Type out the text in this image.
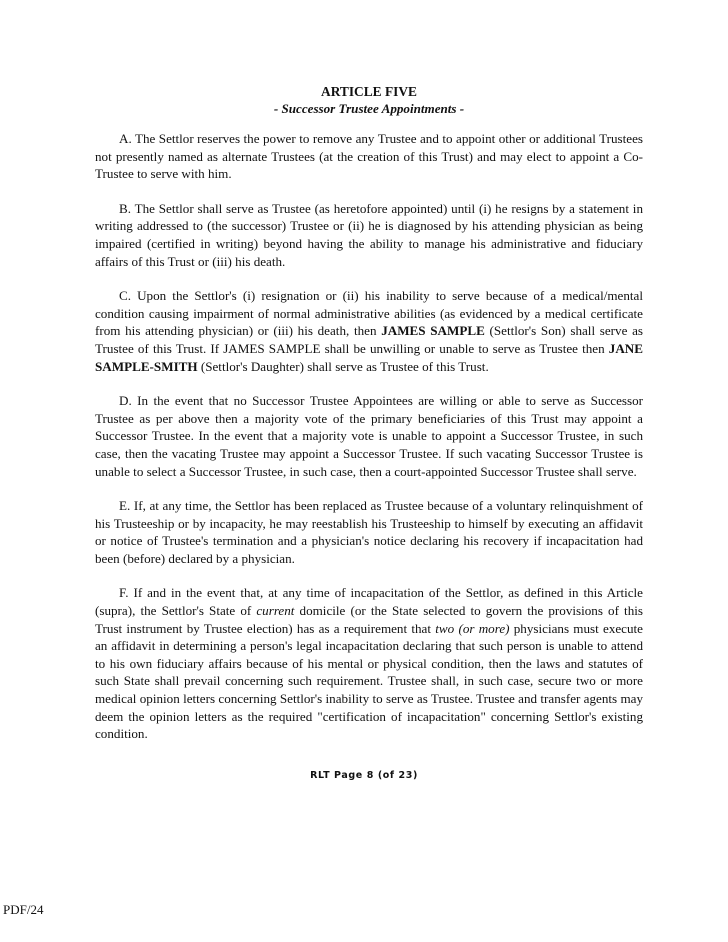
ARTICLE FIVE

- Successor Trustee Appointments -

A. The Settlor reserves the power to remove any Trustee and to appoint other or additional Trustees not presently named as alternate Trustees (at the creation of this Trust) and may elect to appoint a Co-Trustee to serve with him.

B. The Settlor shall serve as Trustee (as heretofore appointed) until (i) he resigns by a statement in writing addressed to (the successor) Trustee or (ii) he is diagnosed by his attending physician as being impaired (certified in writing) beyond having the ability to manage his administrative and fiduciary affairs of this Trust or (iii) his death.

C. Upon the Settlor's (i) resignation or (ii) his inability to serve because of a medical/mental condition causing impairment of normal administrative abilities (as evidenced by a medical certificate from his attending physician) or (iii) his death, then JAMES SAMPLE (Settlor's Son) shall serve as Trustee of this Trust. If JAMES SAMPLE shall be unwilling or unable to serve as Trustee then JANE SAMPLE-SMITH (Settlor's Daughter) shall serve as Trustee of this Trust.

D. In the event that no Successor Trustee Appointees are willing or able to serve as Successor Trustee as per above then a majority vote of the primary beneficiaries of this Trust may appoint a Successor Trustee. In the event that a majority vote is unable to appoint a Successor Trustee, in such case, then the vacating Trustee may appoint a Successor Trustee. If such vacating Successor Trustee is unable to select a Successor Trustee, in such case, then a court-appointed Successor Trustee shall serve.

E. If, at any time, the Settlor has been replaced as Trustee because of a voluntary relinquishment of his Trusteeship or by incapacity, he may reestablish his Trusteeship to himself by executing an affidavit or notice of Trustee's termination and a physician's notice declaring his recovery if incapacitation had been (before) declared by a physician.

F. If and in the event that, at any time of incapacitation of the Settlor, as defined in this Article (supra), the Settlor's State of current domicile (or the State selected to govern the provisions of this Trust instrument by Trustee election) has as a requirement that two (or more) physicians must execute an affidavit in determining a person's legal incapacitation declaring that such person is unable to attend to his own fiduciary affairs because of his mental or physical condition, then the laws and statutes of such State shall prevail concerning such requirement. Trustee shall, in such case, secure two or more medical opinion letters concerning Settlor's inability to serve as Trustee. Trustee and transfer agents may deem the opinion letters as the required "certification of incapacitation" concerning Settlor's existing condition.

RLT Page 8 (of 23)
PDF/24
